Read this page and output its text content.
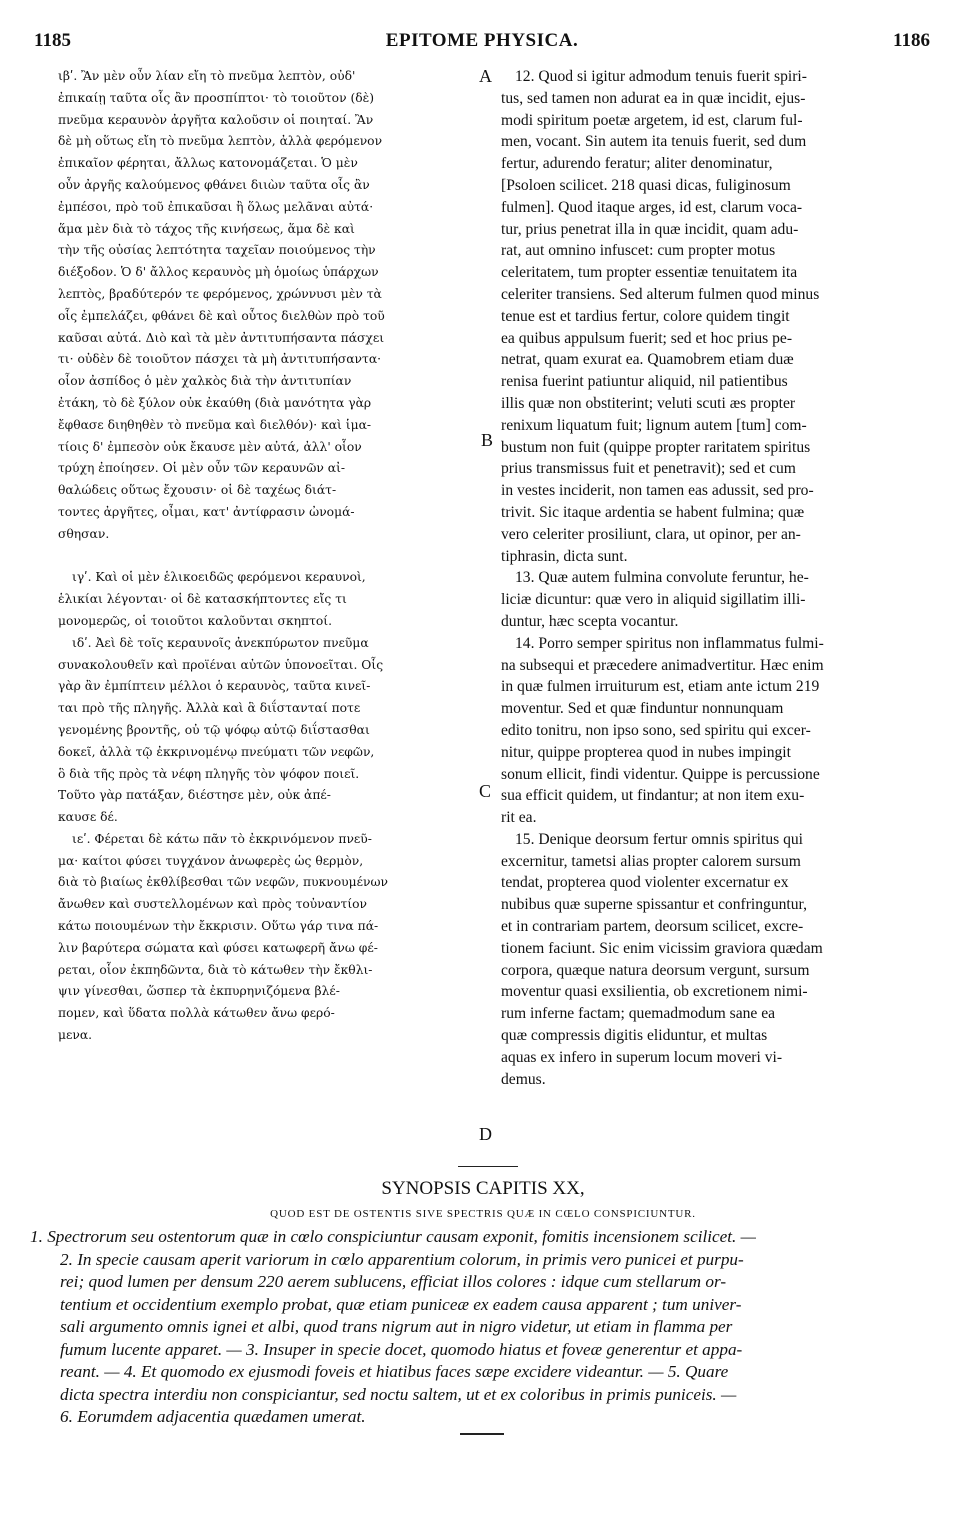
1185	EPITOME PHYSICA.	1186
ιβʹ. Ἂν μὲν οὖν λίαν εἴη τὸ πνεῦμα λεπτὸν, οὐδ'
ἐπικαίῃ ταῦτα οἷς ἂν προσπίπτοι· τὸ τοιοῦτον (δὲ)
πνεῦμα κεραυνὸν ἀργῆτα καλοῦσιν οἱ ποιηταί. Ἂν
δὲ μὴ οὕτως εἴη τὸ πνεῦμα λεπτὸν, ἀλλὰ φερόμενον
ἐπικαῖον φέρηται, ἄλλως κατονομάζεται. Ὁ μὲν
οὖν ἀργῆς καλούμενος φθάνει διιὼν ταῦτα οἷς ἂν
ἐμπέσοι, πρὸ τοῦ ἐπικαῦσαι ἢ ὅλως μελᾶναι αὐτά·
ἅμα μὲν διὰ τὸ τάχος τῆς κινήσεως, ἅμα δὲ καὶ
τὴν τῆς οὐσίας λεπτότητα ταχεῖαν ποιούμενος τὴν
διέξοδον. Ὁ δ' ἄλλος κεραυνὸς μὴ ὁμοίως ὑπάρχων
λεπτὸς, βραδύτερόν τε φερόμενος, χρώννυσι μὲν τὰ
οἷς ἐμπελάζει, φθάνει δὲ καὶ οὗτος διελθὼν πρὸ τοῦ
καῦσαι αὐτά. Διὸ καὶ τὰ μὲν ἀντιτυπήσαντα πάσχει
τι· οὐδὲν δὲ τοιοῦτον πάσχει τὰ μὴ ἀντιτυπήσαντα·
οἷον ἀσπίδος ὁ μὲν χαλκὸς διὰ τὴν ἀντιτυπίαν
ἐτάκη, τὸ δὲ ξύλον οὐκ ἐκαύθη (διὰ μανότητα γὰρ
ἔφθασε διηθηθὲν τὸ πνεῦμα καὶ διελθόν)· καὶ ἱμα-
τίοις δ' ἐμπεσὸν οὐκ ἔκαυσε μὲν αὐτά, ἀλλ' οἷον
τρύχη ἐποίησεν. Οἱ μὲν οὖν τῶν κεραυνῶν αἰ-
θαλώδεις οὕτως ἔχουσιν· οἱ δὲ ταχέως διάτ-
τοντες ἀργῆτες, οἶμαι, κατ' ἀντίφρασιν ὠνομά-
σθησαν.
ιγʹ. Καὶ οἱ μὲν ἑλικοειδῶς φερόμενοι κεραυνοὶ,
ἑλικίαι λέγονται· οἱ δὲ κατασκήπτοντες εἴς τι
μονομερῶς, οἱ τοιοῦτοι καλοῦνται σκηπτοί.
ιδʹ. Ἀεὶ δὲ τοῖς κεραυνοῖς ἀνεκπύρωτον πνεῦμα
συνακολουθεῖν καὶ προϊέναι αὐτῶν ὑπονοεῖται. Οἷς
γὰρ ἂν ἐμπίπτειν μέλλοι ὁ κεραυνὸς, ταῦτα κινεῖ-
ται πρὸ τῆς πληγῆς. Ἀλλὰ καὶ ἃ διΐστανταί ποτε
γενομένης βροντῆς, οὐ τῷ ψόφῳ αὐτῷ διΐστασθαι
δοκεῖ, ἀλλὰ τῷ ἐκκρινομένῳ πνεύματι τῶν νεφῶν,
ὃ διὰ τῆς πρὸς τὰ νέφη πληγῆς τὸν ψόφον ποιεῖ.
Τοῦτο γὰρ πατάξαν, διέστησε μὲν, οὐκ ἀπέ-
καυσε δέ.
ιεʹ. Φέρεται δὲ κάτω πᾶν τὸ ἐκκρινόμενον πνεῦ-
μα· καίτοι φύσει τυγχάνον ἀνωφερὲς ὡς θερμὸν,
διὰ τὸ βιαίως ἐκθλίβεσθαι τῶν νεφῶν, πυκνουμένων
ἄνωθεν καὶ συστελλομένων καὶ πρὸς τοὐναντίον
κάτω ποιουμένων τὴν ἔκκρισιν. Οὕτω γάρ τινα πά-
λιν βαρύτερα σώματα καὶ φύσει κατωφερῆ ἄνω φέ-
ρεται, οἷον ἐκπηδῶντα, διὰ τὸ κάτωθεν τὴν ἔκθλι-
ψιν γίνεσθαι, ὥσπερ τὰ ἐκπυρηνιζόμενα βλέ-
πομεν, καὶ ὕδατα πολλὰ κάτωθεν ἄνω φερό-
μενα.
12. Quod si igitur admodum tenuis fuerit spiri-
tus, sed tamen non adurat ea in quæ incidit, ejus-
modi spiritum poetæ argetem, id est, clarum ful-
men, vocant. Sin autem ita tenuis fuerit, sed dum
fertur, adurendo feratur; aliter denominatur,
[Psoloen scilicet. 218 quasi dicas, fuliginosum
fulmen]. Quod itaque arges, id est, clarum voca-
tur, prius penetrat illa in quæ incidit, quam adu-
rat, aut omnino infuscet: cum propter motus
celeritatem, tum propter essentiæ tenuitatem ita
celeriter transiens. Sed alterum fulmen quod minus
tenue est et tardius fertur, colore quidem tingit
ea quibus appulsum fuerit; sed et hoc prius pe-
netrat, quam exurat ea. Quamobrem etiam duæ
renisa fuerint patiuntur aliquid, nil patientibus
illis quæ non obstiterint; veluti scuti æs propter
renixum liquatum fuit; lignum autem [tum] com-
bustum non fuit (quippe propter raritatem spiritus
prius transmissus fuit et penetravit); sed et cum
in vestes inciderit, non tamen eas adussit, sed pro-
trivit. Sic itaque ardentia se habent fulmina; quæ
vero celeriter prosiliunt, clara, ut opinor, per an-
tiphrasin, dicta sunt.
13. Quæ autem fulmina convolute feruntur, he-
liciæ dicuntur: quæ vero in aliquid sigillatim illi-
duntur, hæc scepta vocantur.
14. Porro semper spiritus non inflammatus fulmi-
na subsequi et præcedere animadvertitur. Hæc enim
in quæ fulmen irruiturum est, etiam ante ictum 219
moventur. Sed et quæ finduntur nonnunquam
edito tonitru, non ipso sono, sed spiritu qui excer-
nitur, quippe propterea quod in nubes impingit
sonum ellicit, findi videntur. Quippe is percussione
sua efficit quidem, ut findantur; at non item exu-
rit ea.
15. Denique deorsum fertur omnis spiritus qui
excernitur, tametsi alias propter calorem sursum
tendat, propterea quod violenter excernatur ex
nubibus quæ superne spissantur et confringuntur,
et in contrariam partem, deorsum scilicet, excre-
tionem faciunt. Sic enim vicissim graviora quædam
corpora, quæque natura deorsum vergunt, sursum
moventur quasi exsilientia, ob excretionem nimi-
rum inferne factam; quemadmodum sane ea
quæ compressis digitis eliduntur, et multas
aquas ex infero in superum locum moveri vi-
demus.
A
B
C
D
SYNOPSIS CAPITIS XX,
QUOD EST DE OSTENTIS SIVE SPECTRIS QUÆ IN CŒLO CONSPICIUNTUR.
1. Spectrorum seu ostentorum quæ in cœlo conspiciuntur causam exponit, fomitis incensionem scilicet. —
2. In specie causam aperit variorum in cœlo apparentium colorum, in primis vero punicei et purpu-
rei; quod lumen per densum 220 aerem sublucens, efficiat illos colores : idque cum stellarum or-
tentium et occidentium exemplo probat, quæ etiam puniceæ ex eadem causa apparent ; tum univer-
sali argumento omnis ignei et albi, quod trans nigrum aut in nigro videtur, ut etiam in flamma per
fumum lucente apparet. — 3. Insuper in specie docet, quomodo hiatus et foveæ generentur et appa-
reant. — 4. Et quomodo ex ejusmodi foveis et hiatibus faces sæpe excidere videantur. — 5. Quare
dicta spectra interdiu non conspiciantur, sed noctu saltem, ut et ex coloribus in primis puniceis. —
6. Eorumdem adjacentia quædamen umerat.
